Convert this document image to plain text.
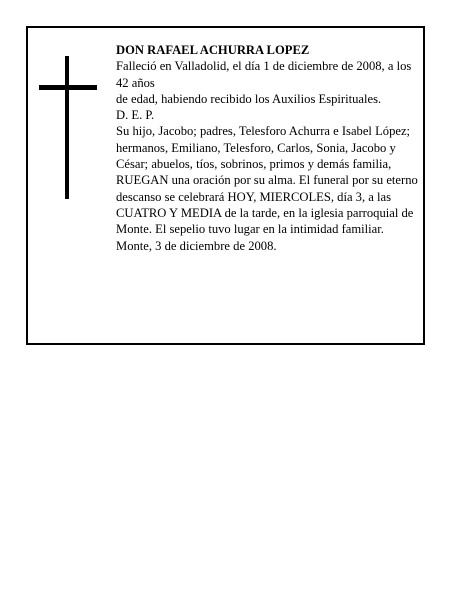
DON RAFAEL ACHURRA LOPEZ

Falleció en Valladolid, el día 1 de diciembre de 2008, a los 42 años

de edad, habiendo recibido los Auxilios Espirituales.

D. E. P.

Su hijo, Jacobo; padres, Telesforo Achurra e Isabel López; hermanos, Emiliano, Telesforo, Carlos, Sonia, Jacobo y César; abuelos, tíos, sobrinos, primos y demás familia,

RUEGAN una oración por su alma. El funeral por su eterno descanso se celebrará HOY, MIERCOLES, día 3, a las CUATRO Y MEDIA de la tarde, en la iglesia parroquial de Monte. El sepelio tuvo lugar en la intimidad familiar.

Monte, 3 de diciembre de 2008.
